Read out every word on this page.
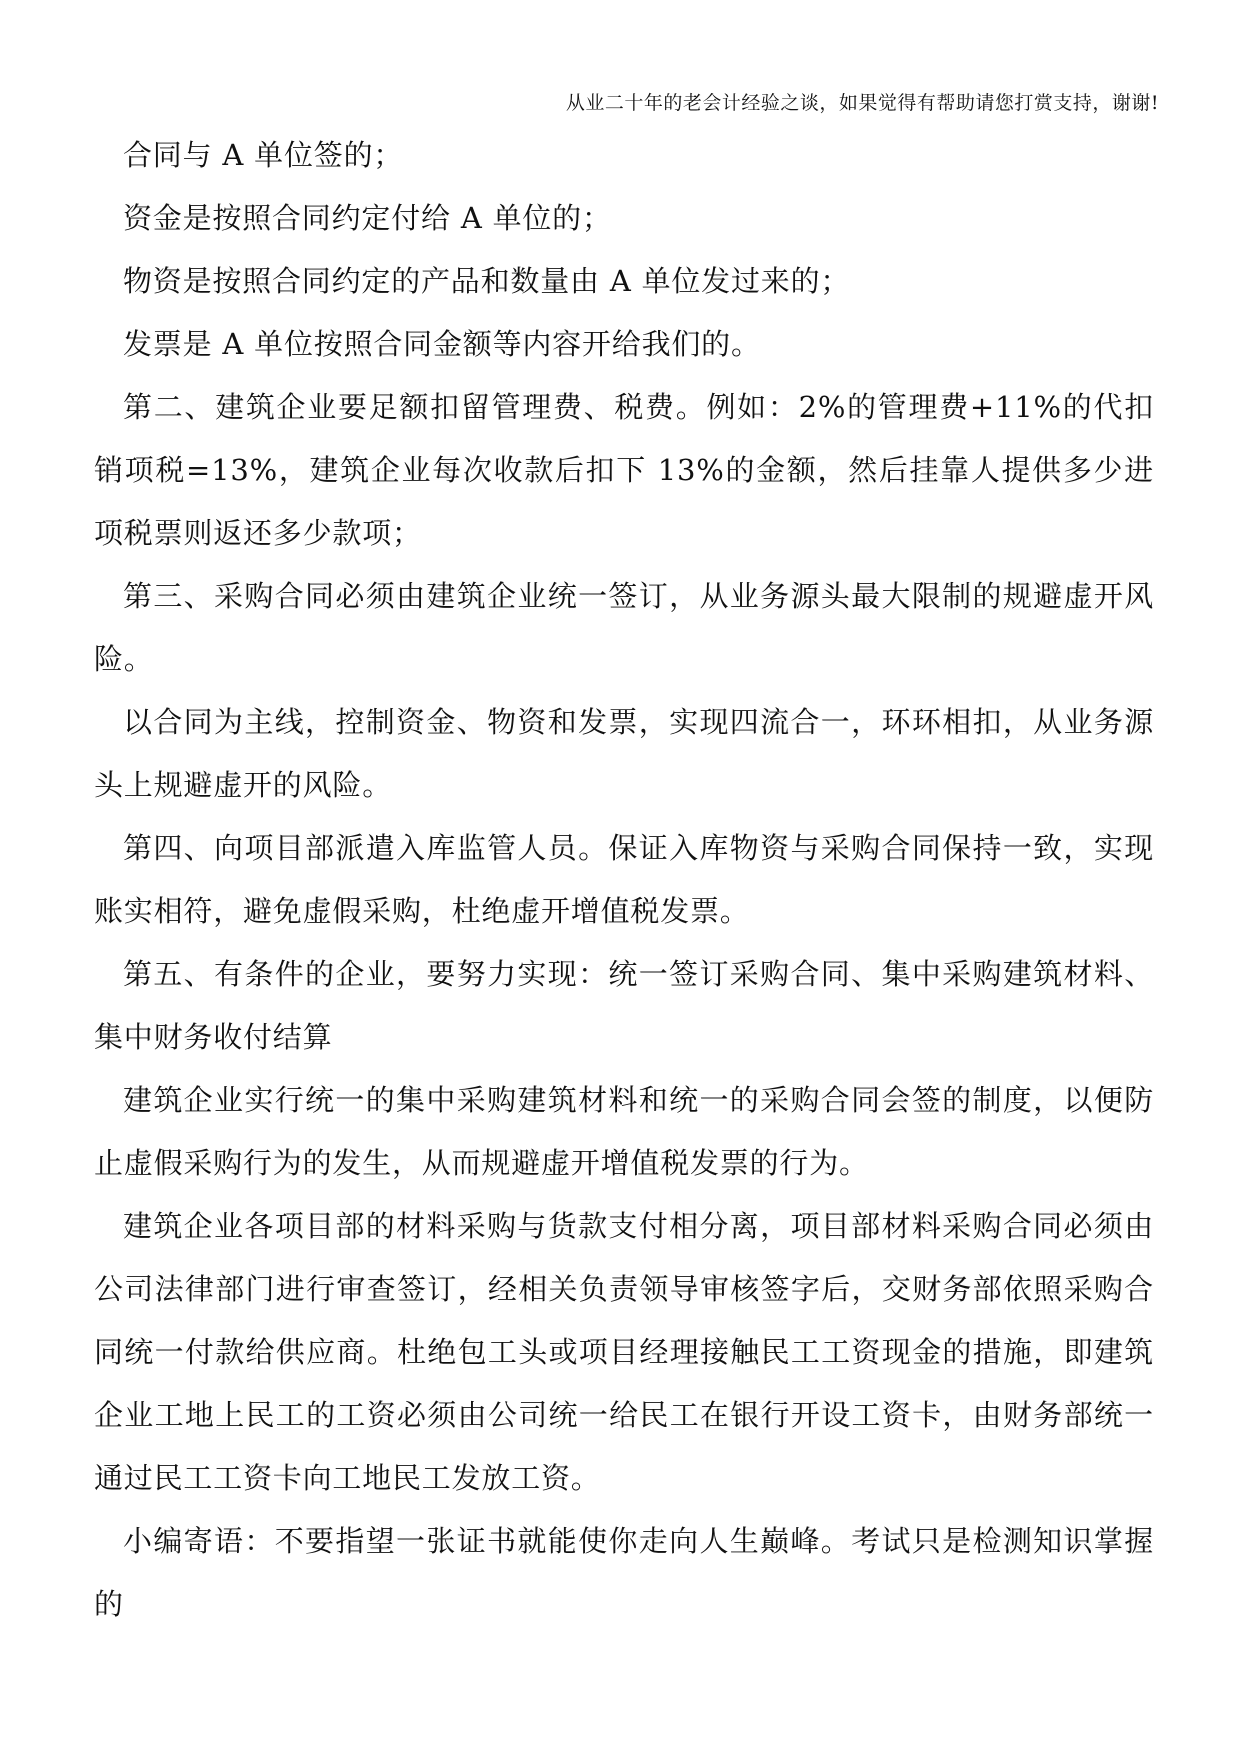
从业二十年的老会计经验之谈，如果觉得有帮助请您打赏支持，谢谢!

合同与 A 单位签的；

资金是按照合同约定付给 A 单位的；

物资是按照合同约定的产品和数量由 A 单位发过来的；

发票是 A 单位按照合同金额等内容开给我们的。

第二、建筑企业要足额扣留管理费、税费。例如：2%的管理费+11%的代扣销项税=13%，建筑企业每次收款后扣下 13%的金额，然后挂靠人提供多少进项税票则返还多少款项；

第三、采购合同必须由建筑企业统一签订，从业务源头最大限制的规避虚开风险。

以合同为主线，控制资金、物资和发票，实现四流合一，环环相扣，从业务源头上规避虚开的风险。

第四、向项目部派遣入库监管人员。保证入库物资与采购合同保持一致，实现账实相符，避免虚假采购，杜绝虚开增值税发票。

第五、有条件的企业，要努力实现：统一签订采购合同、集中采购建筑材料、集中财务收付结算

建筑企业实行统一的集中采购建筑材料和统一的采购合同会签的制度，以便防止虚假采购行为的发生，从而规避虚开增值税发票的行为。

建筑企业各项目部的材料采购与货款支付相分离，项目部材料采购合同必须由公司法律部门进行审查签订，经相关负责领导审核签字后，交财务部依照采购合同统一付款给供应商。杜绝包工头或项目经理接触民工工资现金的措施，即建筑企业工地上民工的工资必须由公司统一给民工在银行开设工资卡，由财务部统一通过民工工资卡向工地民工发放工资。

小编寄语：不要指望一张证书就能使你走向人生巅峰。考试只是检测知识掌握的
